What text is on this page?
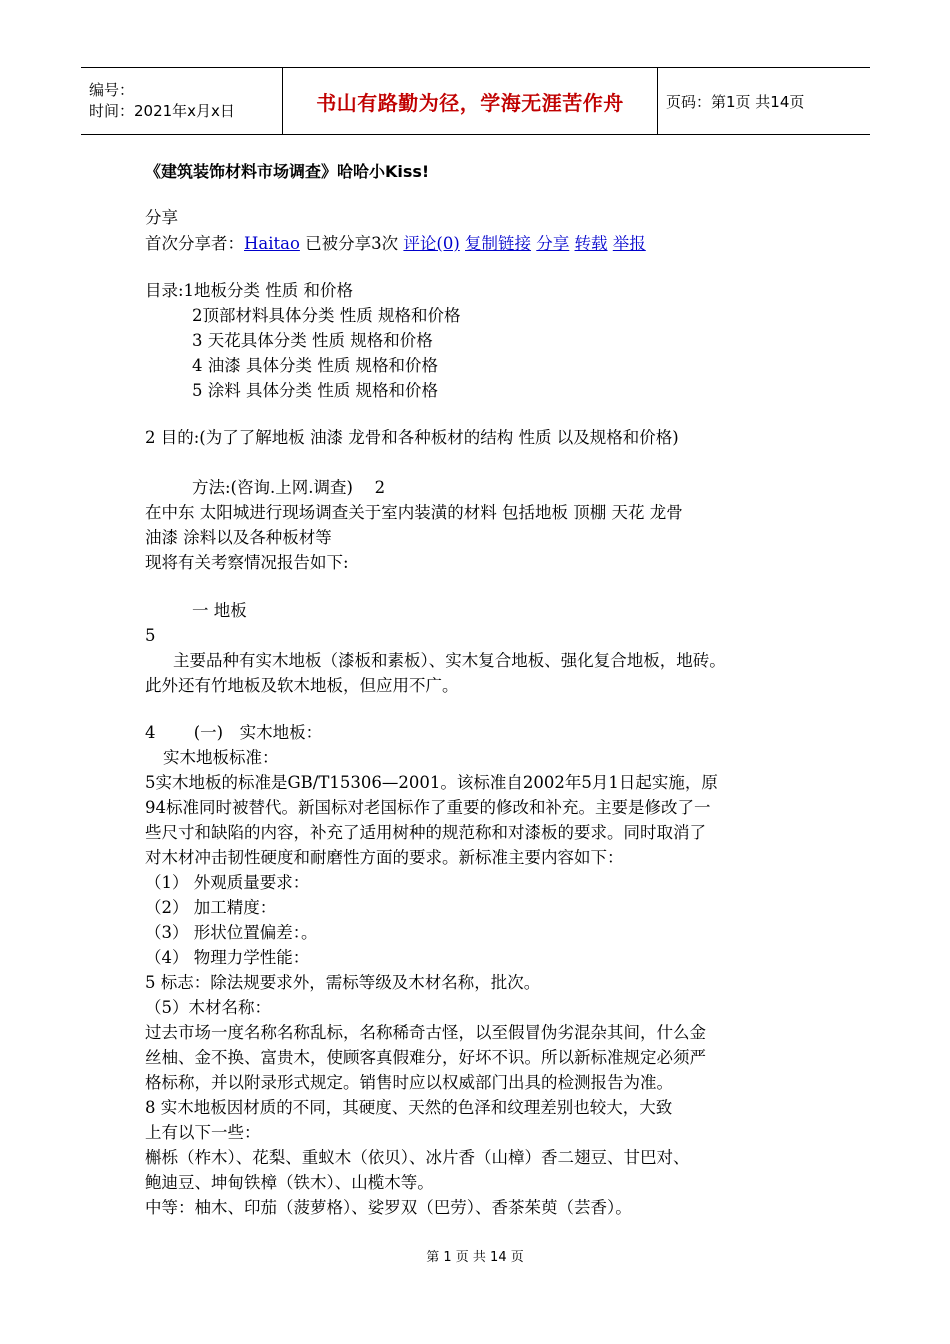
编号：
时间：2021年x月x日	书山有路勤为径，学海无涯苦作舟	页码：第1页 共14页
《建筑装饰材料市场调查》哈哈小Kiss!
分享
首次分享者：Haitao 已被分享3次 评论(0) 复制链接 分享 转载 举报
目录:1地板分类 性质 和价格
2顶部材料具体分类 性质 规格和价格
3 天花具体分类 性质 规格和价格
4 油漆 具体分类 性质 规格和价格
5 涂料 具体分类 性质 规格和价格
2 目的:(为了了解地板 油漆 龙骨和各种板材的结构 性质 以及规格和价格)
方法:(咨询.上网.调查)　 2
在中东 太阳城进行现场调查关于室内装潢的材料 包括地板 顶棚 天花 龙骨
油漆 涂料以及各种板材等
现将有关考察情况报告如下:
一 地板
5
主要品种有实木地板（漆板和素板）、实木复合地板、强化复合地板，地砖。
此外还有竹地板及软木地板，但应用不广。
4　　 (一)　实木地板：
实木地板标准：
5实木地板的标准是GB/T15306—2001。该标准自2002年5月1日起实施，原
94标准同时被替代。新国标对老国标作了重要的修改和补充。主要是修改了一
些尺寸和缺陷的内容，补充了适用树种的规范称和对漆板的要求。同时取消了
对木材冲击韧性硬度和耐磨性方面的要求。新标准主要内容如下：
（1） 外观质量要求：
（2） 加工精度：
（3） 形状位置偏差：。
（4） 物理力学性能：
5 标志：除法规要求外，需标等级及木材名称，批次。
（5）木材名称：
过去市场一度名称名称乱标，名称稀奇古怪，以至假冒伪劣混杂其间，什么金
丝柚、金不换、富贵木，使顾客真假难分，好坏不识。所以新标准规定必须严
格标称，并以附录形式规定。销售时应以权威部门出具的检测报告为准。
8 实木地板因材质的不同，其硬度、天然的色泽和纹理差别也较大，大致
上有以下一些：
槲栎（柞木）、花梨、重蚁木（依贝）、冰片香（山樟）香二翅豆、甘巴对、
鲍迪豆、坤甸铁樟（铁木）、山榄木等。
中等：柚木、印茄（菠萝格）、娑罗双（巴劳）、香茶茱萸（芸香）。
第 1 页 共 14 页
